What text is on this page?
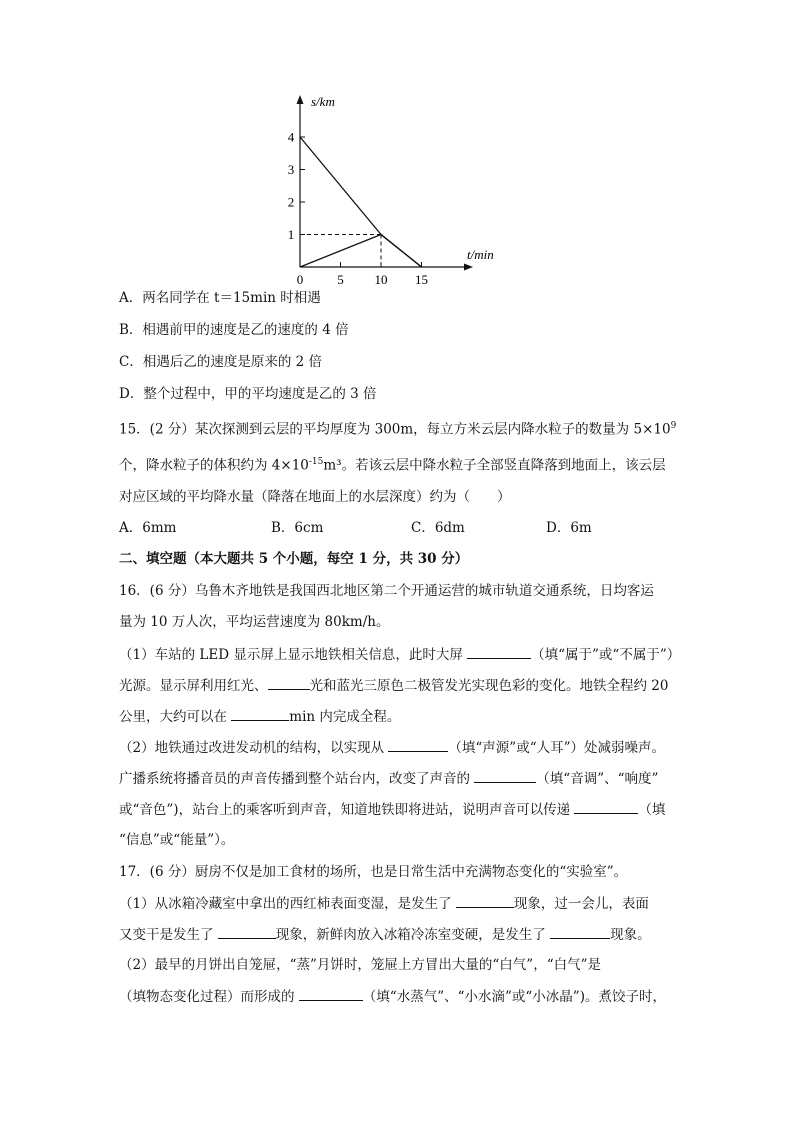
1
2
3
4
0	5 10 15
s/km
t/min
A．两名同学在 t＝15min 时相遇
B．相遇前甲的速度是乙的速度的 4 倍
C．相遇后乙的速度是原来的 2 倍
D．整个过程中，甲的平均速度是乙的 3 倍
15．(2 分）某次探测到云层的平均厚度为 300m，每立方米云层内降水粒子的数量为 $5\times 10^9$
个，降水粒子的体积约为 $4\times 10^{-15}m^3$。若该云层中降水粒子全部竖直降落到地面上，该云层
对应区域的平均降水量（降落在地面上的水层深度）约为（　　）
A．6mm	B．6cm	C．6dm	D．6m
二、填空题（本大题共 5 个小题，每空 1 分，共 30 分）
16．(6 分）乌鲁木齐地铁是我国西北地区第二个开通运营的城市轨道交通系统，日均客运
量为 10 万人次，平均运营速度为 80km/h。
（1）车站的 LED 显示屏上显示地铁相关信息，此时大屏	（填“属于”或“不属于”）
光源。显示屏利用红光、	光和蓝光三原色二极管发光实现色彩的变化。地铁全程约 20
公里，大约可以在	min 内完成全程。
（2）地铁通过改进发动机的结构，以实现从	（填“声源”或“人耳”）处减弱噪声。
广播系统将播音员的声音传播到整个站台内，改变了声音的	（填“音调”、“响度”
或“音色”)，站台上的乘客听到声音，知道地铁即将进站，说明声音可以传递	（填
“信息”或“能量”）。
17．(6 分）厨房不仅是加工食材的场所，也是日常生活中充满物态变化的“实验室”。
（1）从冰箱冷藏室中拿出的西红柿表面变湿，是发生了	现象，过一会儿，表面
又变干是发生了	现象，新鲜肉放入冰箱冷冻室变硬，是发生了	现象。
（2）最早的月饼出自笼屉，“蒸”月饼时，笼屉上方冒出大量的“白气”，“白气”是
（填物态变化过程）而形成的	（填“水蒸气”、“小水滴”或“小冰晶”)。煮饺子时，
